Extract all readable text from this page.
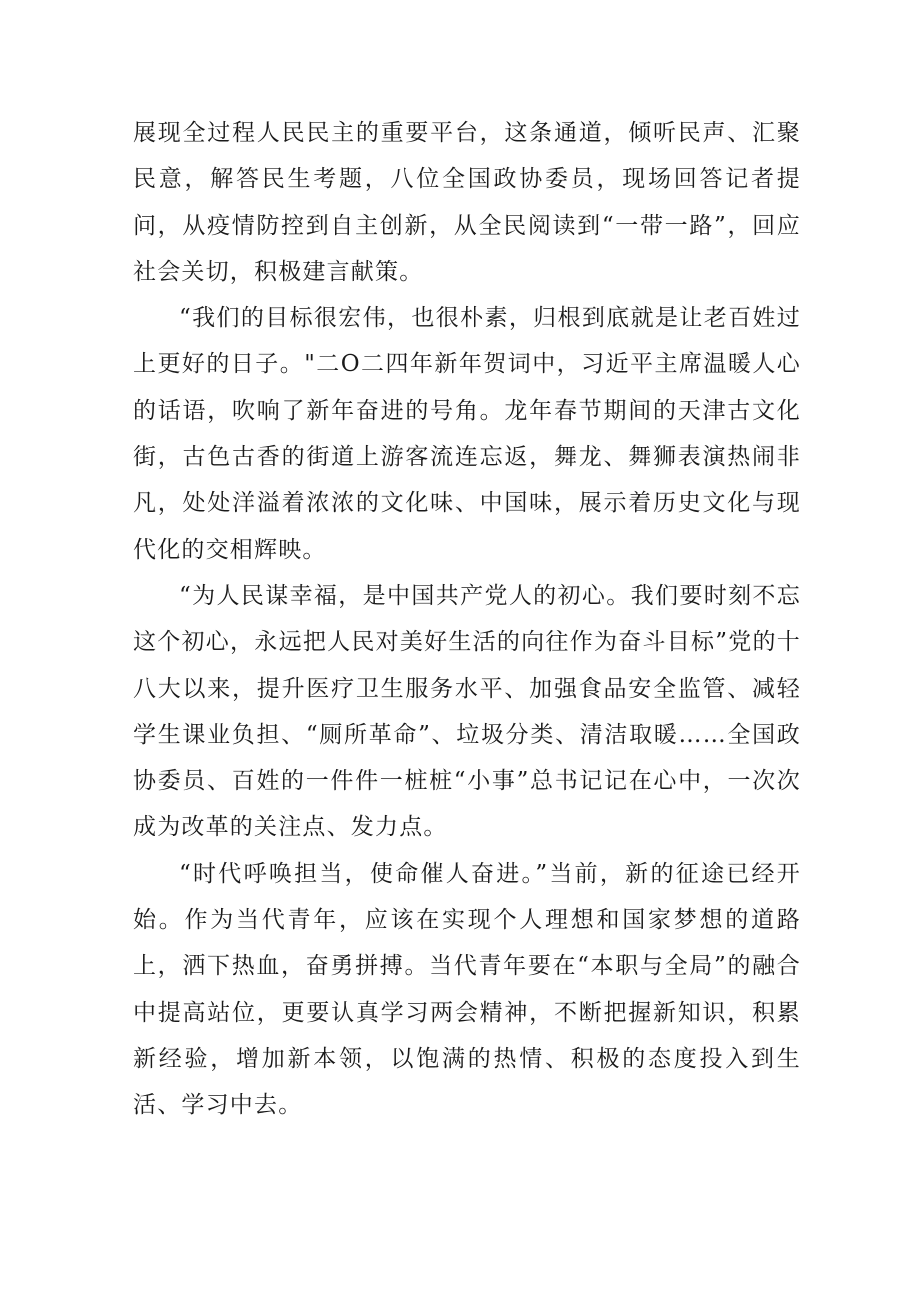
展现全过程人民民主的重要平台，这条通道，倾听民声、汇聚民意，解答民生考题，八位全国政协委员，现场回答记者提问，从疫情防控到自主创新，从全民阅读到“一带一路”，回应社会关切，积极建言献策。

“我们的目标很宏伟，也很朴素，归根到底就是让老百姓过上更好的日子。"二O二四年新年贺词中，习近平主席温暖人心的话语，吹响了新年奋进的号角。龙年春节期间的天津古文化街，古色古香的街道上游客流连忘返，舞龙、舞狮表演热闹非凡，处处洋溢着浓浓的文化味、中国味，展示着历史文化与现代化的交相辉映。

“为人民谋幸福，是中国共产党人的初心。我们要时刻不忘这个初心，永远把人民对美好生活的向往作为奋斗目标”党的十八大以来，提升医疗卫生服务水平、加强食品安全监管、减轻学生课业负担、“厕所革命”、垃圾分类、清洁取暖……全国政协委员、百姓的一件件一桩桩“小事”总书记记在心中，一次次成为改革的关注点、发力点。

“时代呼唤担当，使命催人奋进。”当前，新的征途已经开始。作为当代青年，应该在实现个人理想和国家梦想的道路上，洒下热血，奋勇拼搏。当代青年要在“本职与全局”的融合中提高站位，更要认真学习两会精神，不断把握新知识，积累新经验，增加新本领，以饱满的热情、积极的态度投入到生活、学习中去。
